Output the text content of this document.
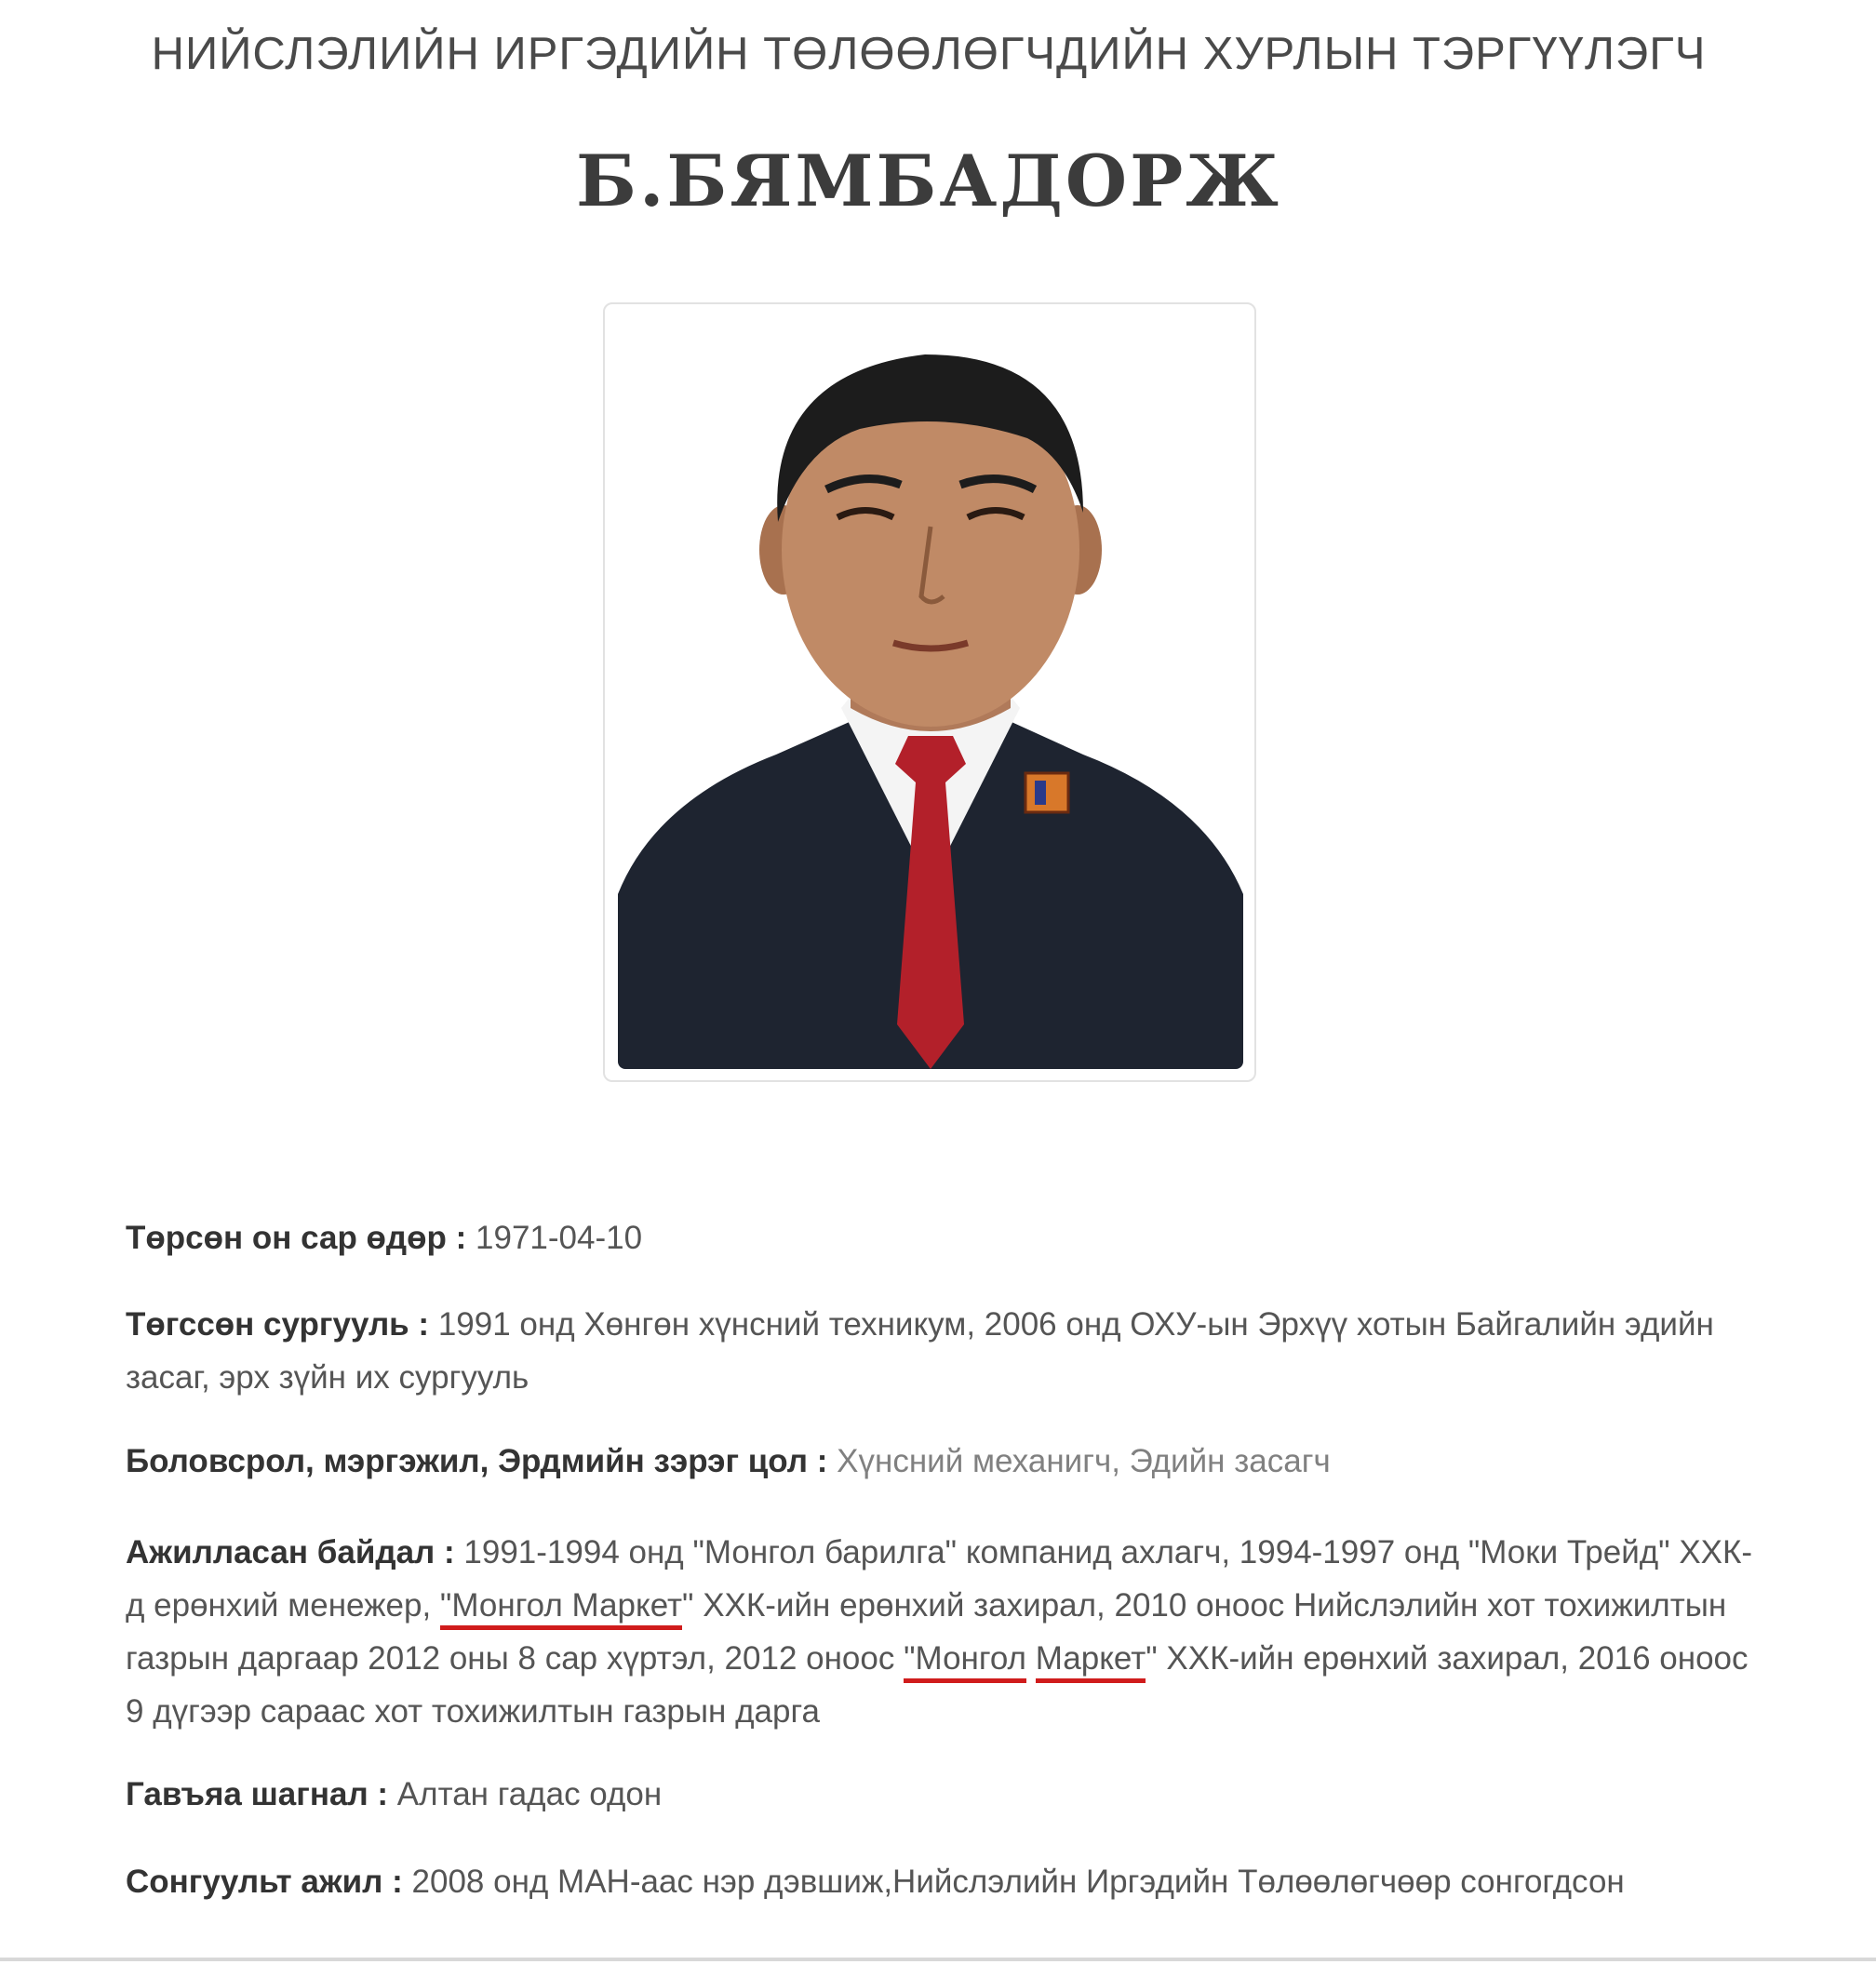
НИЙСЛЭЛИЙН ИРГЭДИЙН ТӨЛӨӨЛӨГЧДИЙН ХУРЛЫН ТЭРГҮҮЛЭГЧ
Б.БЯМБАДОРЖ

Төрсөн он сар өдөр : 1971-04-10

Төгссөн сургууль : 1991 онд Хөнгөн хүнсний техникум, 2006 онд ОХУ-ын Эрхүү хотын Байгалийн эдийн засаг, эрх зүйн их сургууль

Боловсрол, мэргэжил, Эрдмийн зэрэг цол : Хүнсний механигч, Эдийн засагч

Ажилласан байдал : 1991-1994 онд "Монгол барилга" компанид ахлагч, 1994-1997 онд "Моки Трейд" ХХК-д ерөнхий менежер, "Монгол Маркет" ХХК-ийн ерөнхий захирал, 2010 оноос Нийслэлийн хот тохижилтын газрын даргаар 2012 оны 8 сар хүртэл, 2012 оноос "Монгол Маркет" ХХК-ийн ерөнхий захирал, 2016 оноос 9 дүгээр сараас хот тохижилтын газрын дарга

Гавъяа шагнал : Алтан гадас одон

Сонгуульт ажил : 2008 онд МАН-аас нэр дэвшиж,Нийслэлийн Иргэдийн Төлөөлөгчөөр сонгогдсон
